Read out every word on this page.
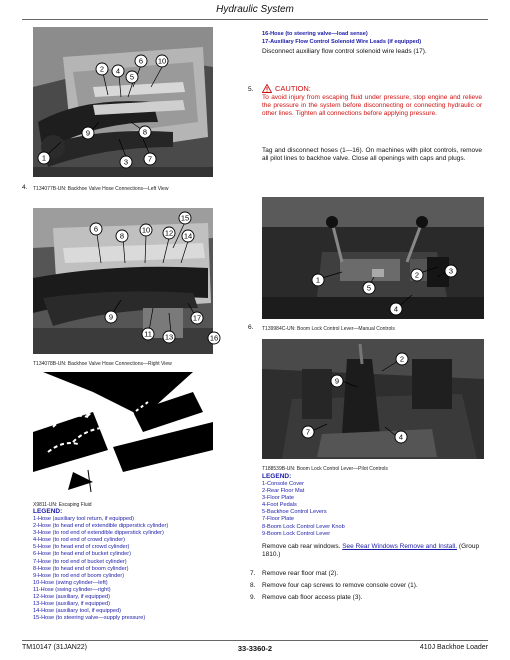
Hydraulic System
10
6
5
2 4
1	3	7
8
9
4. T134077B-UN: Backhoe Valve Hose Connections—Left View
15
6
8
10 12 14
9
11 13
17
16
T134078B-UN: Backhoe Valve Hose Connections—Right View
X9811-UN: Escaping Fluid
LEGEND:
1-Hose (auxiliary tool return, if equipped)
2-Hose (to head end of extendible dipperstick cylinder)
3-Hose (to rod end of extendible dipperstick cylinder)
4-Hose (to rod end of crowd cylinder)
5-Hose (to head end of crowd cylinder)
6-Hose (to head end of bucket cylinder)
7-Hose (to rod end of bucket cylinder)
8-Hose (to head end of boom cylinder)
9-Hose (to rod end of boom cylinder)
10-Hose (swing cylinder—left)
11-Hose (swing cylinder—right)
12-Hose (auxiliary, if equipped)
13-Hose (auxiliary, if equipped)
14-Hose (auxiliary tool, if equipped)
15-Hose (to steering valve—supply pressure)
16-Hose (to steering valve—load sense)
17-Auxiliary Flow Control Solenoid Wire Leads (if equipped)
Disconnect auxiliary flow control solenoid wire leads (17).
5.	CAUTION:
To avoid injury from escaping fluid under pressure, stop engine and relieve the pressure in the system before disconnecting or connecting hydraulic or other lines. Tighten all connections before applying pressure.
Tag and disconnect hoses (1—16). On machines with pilot controls, remove all pilot lines to backhoe valve. Close all openings with caps and plugs.
1
2	3
4
5
6. T139984C-UN: Boom Lock Control Lever—Manual Controls
2
9
7
4
T188539B-UN: Boom Lock Control Lever—Pilot Controls
LEGEND:
1-Console Cover
2-Rear Floor Mat
3-Floor Plate
4-Foot Pedals
5-Backhoe Control Levers
7-Floor Plate
8-Boom Lock Control Lever Knob
9-Boom Lock Control Lever
Remove cab rear windows. See Rear Windows Remove and Install. (Group 1810.)
7. Remove rear floor mat (2).
8. Remove four cap screws to remove console cover (1).
9. Remove cab floor access plate (3).
TM10147 (31JAN22)	33-3360-2	410J Backhoe Loader
